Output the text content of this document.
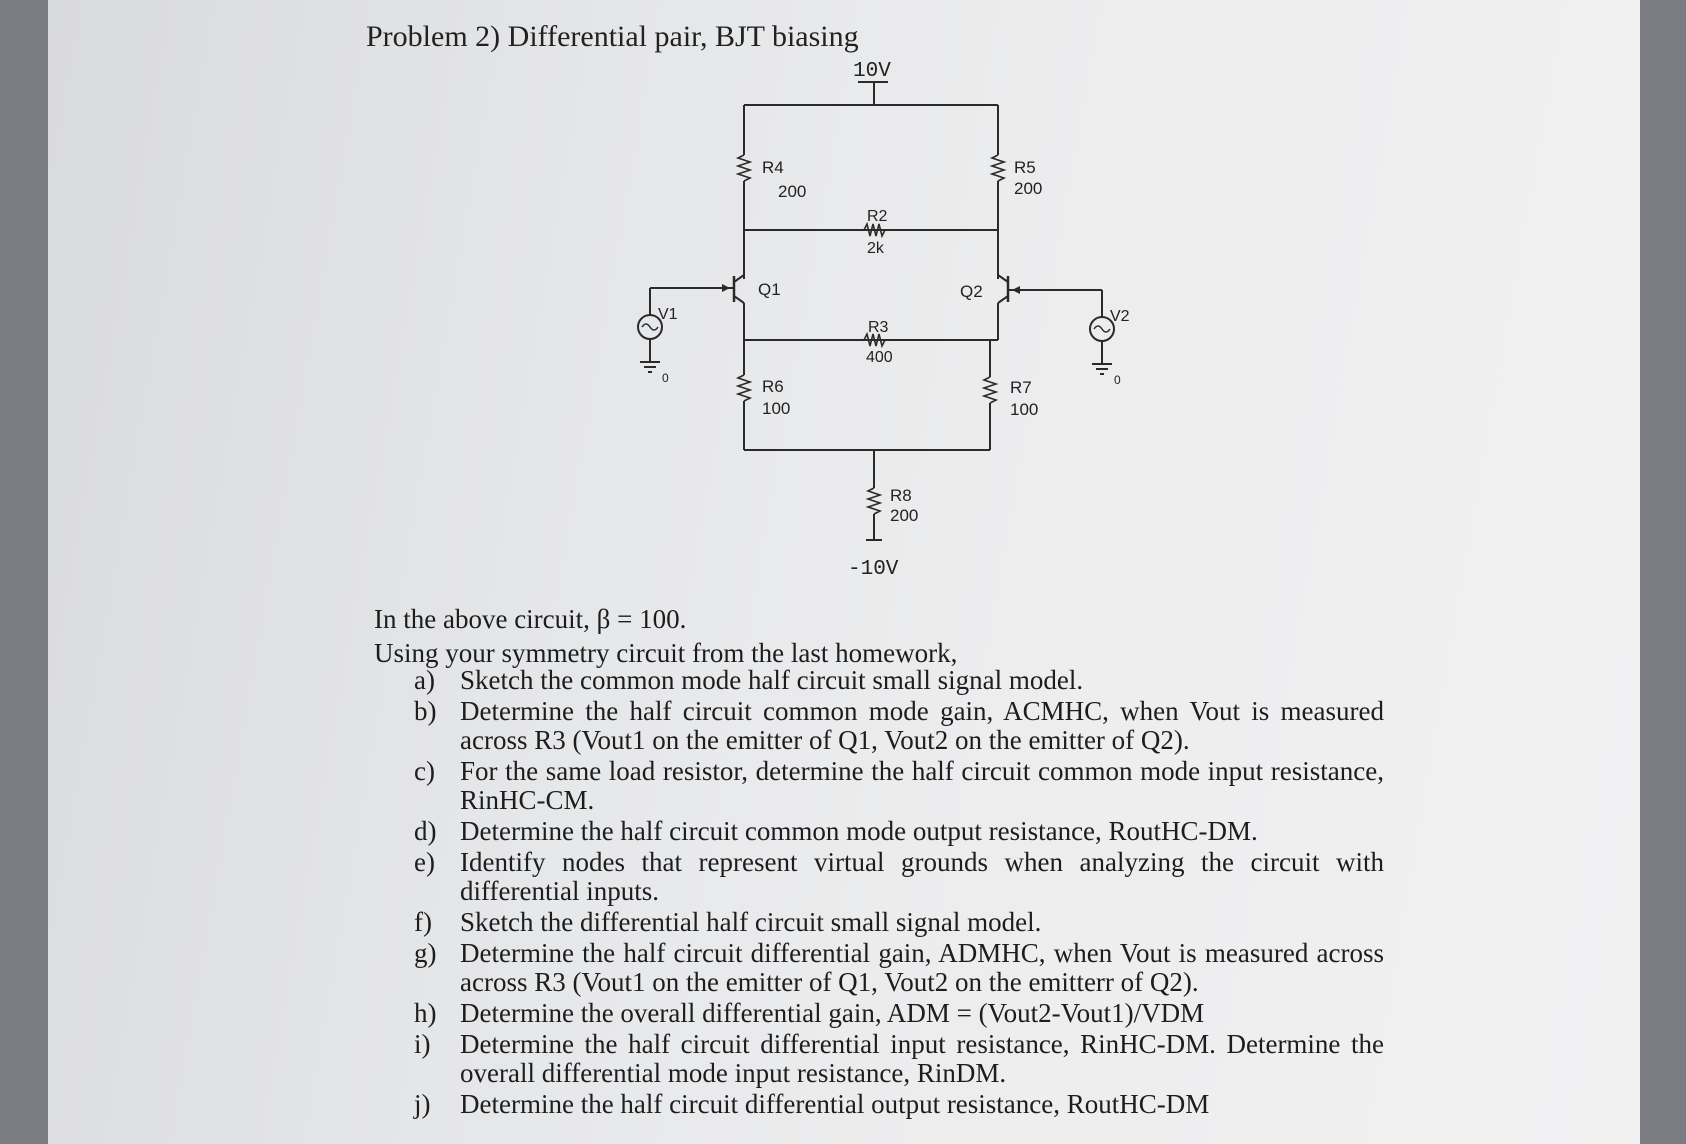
Problem 2) Differential pair, BJT biasing
10V
R4
200
R5
200
R2
2k
Q1
V1
0
Q2
V2
0
R3
400
R6
100
R7
100
R8
200
-10V
In the above circuit, β = 100.
Using your symmetry circuit from the last homework,
a) Sketch the common mode half circuit small signal model.
b) Determine the half circuit common mode gain, ACMHC, when Vout is measured across R3 (Vout1 on the emitter of Q1, Vout2 on the emitter of Q2).
c) For the same load resistor, determine the half circuit common mode input resistance, RinHC-CM.
d) Determine the half circuit common mode output resistance, RoutHC-DM.
e) Identify nodes that represent virtual grounds when analyzing the circuit with differential inputs.
f) Sketch the differential half circuit small signal model.
g) Determine the half circuit differential gain, ADMHC, when Vout is measured across across R3 (Vout1 on the emitter of Q1, Vout2 on the emitterr of Q2).
h) Determine the overall differential gain, ADM = (Vout2-Vout1)/VDM
i) Determine the half circuit differential input resistance, RinHC-DM. Determine the overall differential mode input resistance, RinDM.
j) Determine the half circuit differential output resistance, RoutHC-DM
